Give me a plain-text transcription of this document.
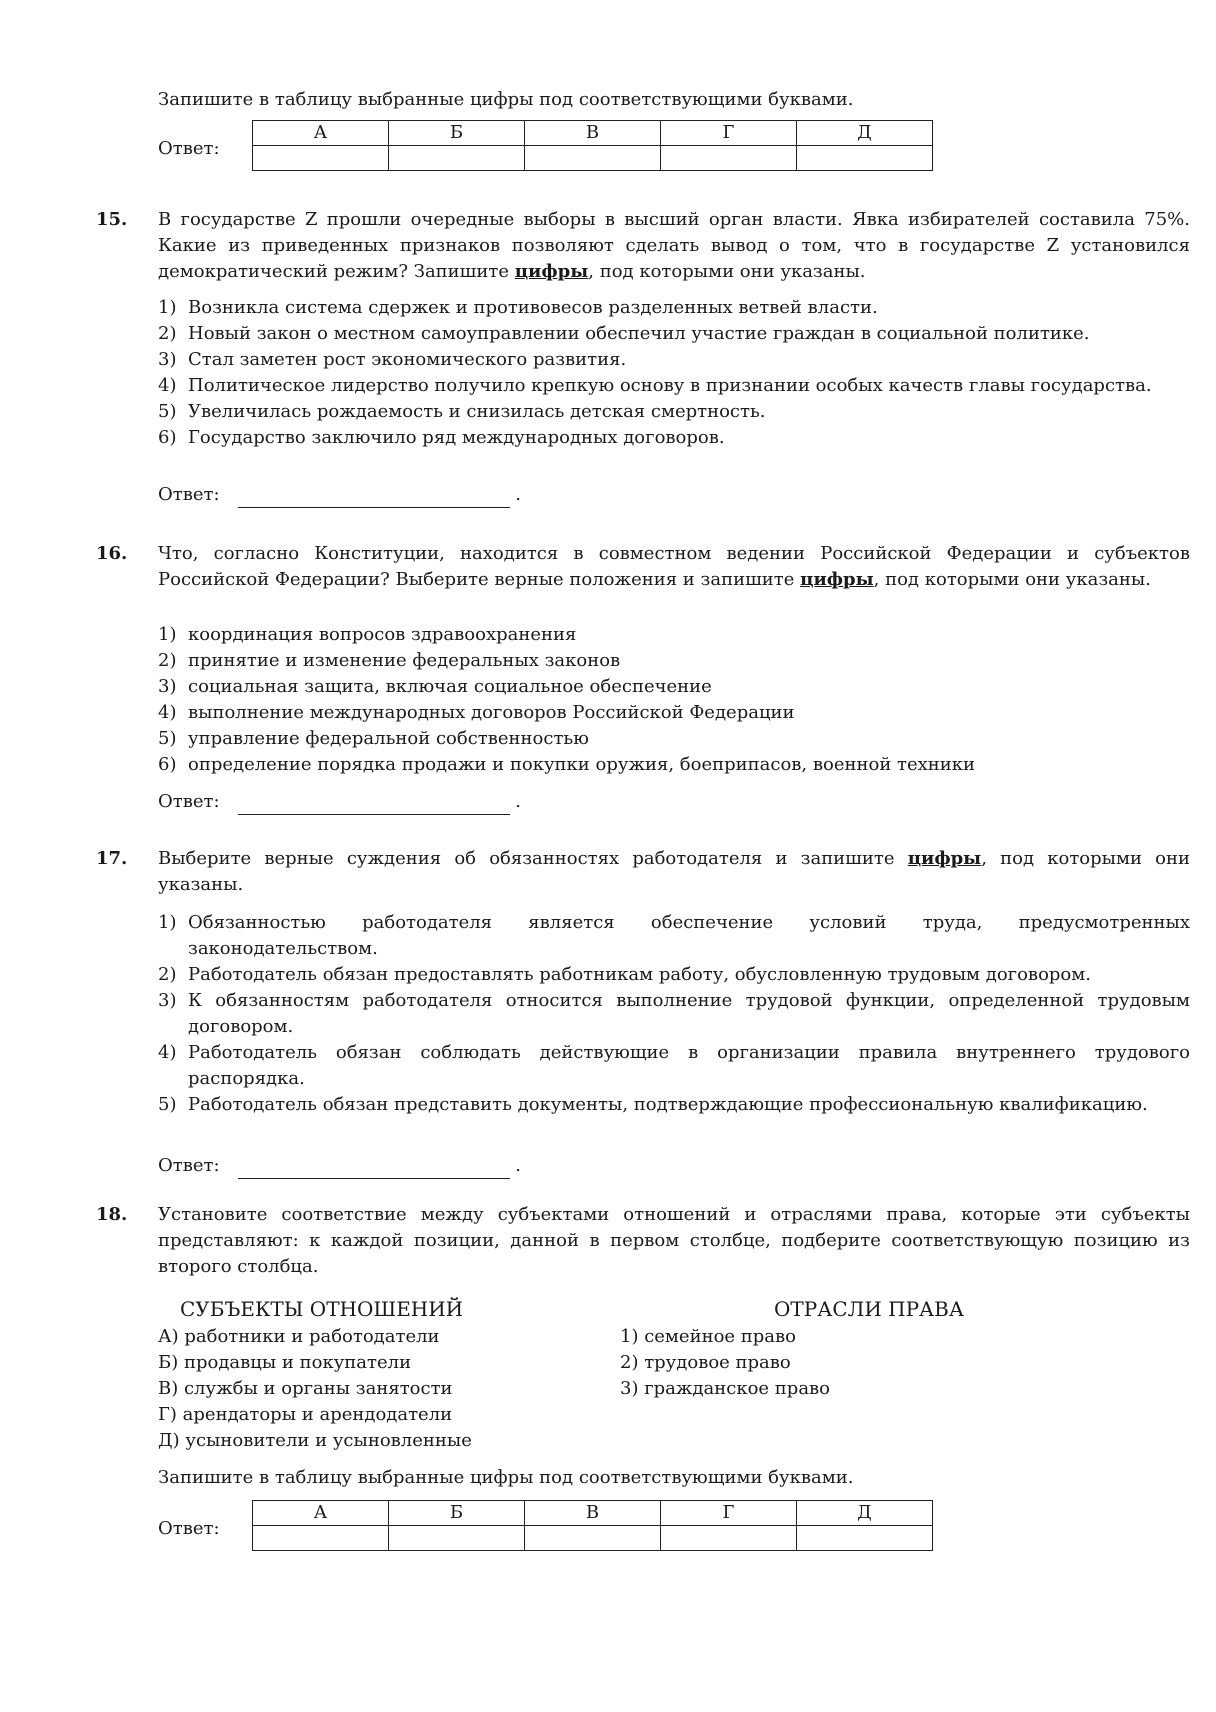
Запишите в таблицу выбранные цифры под соответствующими буквами.
Ответ:
А	Б	В	Г	Д

15.	В государстве Z прошли очередные выборы в высший орган власти. Явка избирателей составила 75%. Какие из приведенных признаков позволяют сделать вывод о том, что в государстве Z установился демократический режим? Запишите цифры, под которыми они указаны.
1) Возникла система сдержек и противовесов разделенных ветвей власти.
2) Новый закон о местном самоуправлении обеспечил участие граждан в социальной политике.
3) Стал заметен рост экономического развития.
4) Политическое лидерство получило крепкую основу в признании особых качеств главы государства.
5) Увеличилась рождаемость и снизилась детская смертность.
6) Государство заключило ряд международных договоров.
Ответ:	.
16.	Что, согласно Конституции, находится в совместном ведении Российской Федерации и субъектов Российской Федерации? Выберите верные положения и запишите цифры, под которыми они указаны.
1) координация вопросов здравоохранения
2) принятие и изменение федеральных законов
3) социальная защита, включая социальное обеспечение
4) выполнение международных договоров Российской Федерации
5) управление федеральной собственностью
6) определение порядка продажи и покупки оружия, боеприпасов, военной техники
Ответ:	.
17.	Выберите верные суждения об обязанностях работодателя и запишите цифры, под которыми они указаны.
1) Обязанностью работодателя является обеспечение условий труда, предусмотренных законодательством.
2) Работодатель обязан предоставлять работникам работу, обусловленную трудовым договором.
3) К обязанностям работодателя относится выполнение трудовой функции, определенной трудовым договором.
4) Работодатель обязан соблюдать действующие в организации правила внутреннего трудового распорядка.
5) Работодатель обязан представить документы, подтверждающие профессиональную квалификацию.
Ответ:	.
18.	Установите соответствие между субъектами отношений и отраслями права, которые эти субъекты представляют: к каждой позиции, данной в первом столбце, подберите соответствующую позицию из второго столбца.
СУБЪЕКТЫ ОТНОШЕНИЙ	ОТРАСЛИ ПРАВА
А) работники и работодатели
Б) продавцы и покупатели
В) службы и органы занятости
Г) арендаторы и арендодатели
Д) усыновители и усыновленные
1) семейное право
2) трудовое право
3) гражданское право
Запишите в таблицу выбранные цифры под соответствующими буквами.
Ответ:
А	Б	В	Г	Д
